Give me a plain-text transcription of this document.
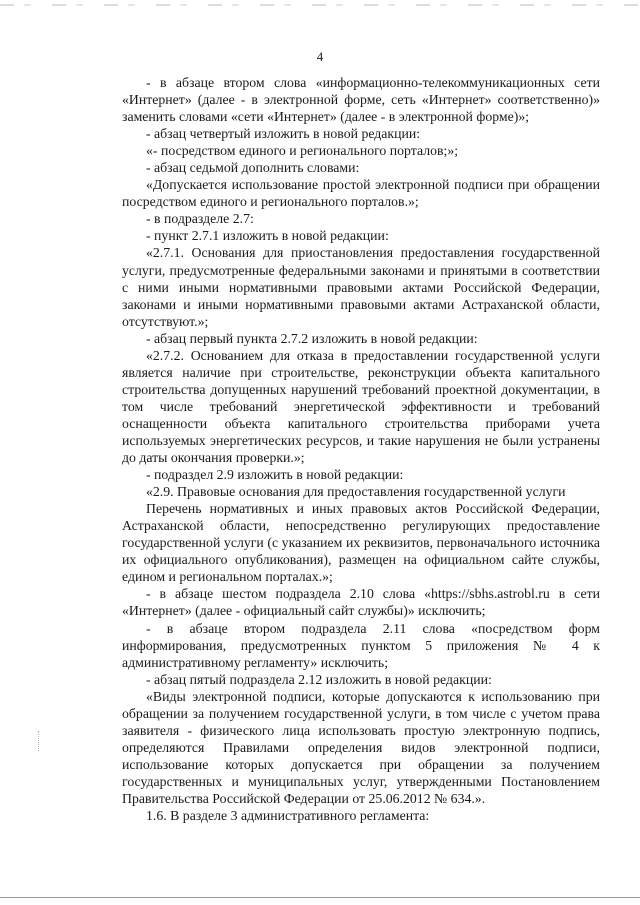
4

- в абзаце втором слова «информационно-телекоммуникационных сети «Интернет» (далее - в электронной форме, сеть «Интернет» соответственно)» заменить словами «сети «Интернет» (далее - в электронной форме)»;

- абзац четвертый изложить в новой редакции:

«- посредством единого и регионального порталов;»;

- абзац седьмой дополнить словами:

«Допускается использование простой электронной подписи при обращении посредством единого и регионального порталов.»;

- в подразделе 2.7:

- пункт 2.7.1 изложить в новой редакции:

«2.7.1. Основания для приостановления предоставления государственной услуги, предусмотренные федеральными законами и принятыми в соответствии с ними иными нормативными правовыми актами Российской Федерации, законами и иными нормативными правовыми актами Астраханской области, отсутствуют.»;

- абзац первый пункта 2.7.2 изложить в новой редакции:

«2.7.2. Основанием для отказа в предоставлении государственной услуги является наличие при строительстве, реконструкции объекта капитального строительства допущенных нарушений требований проектной документации, в том числе требований энергетической эффективности и требований оснащенности объекта капитального строительства приборами учета используемых энергетических ресурсов, и такие нарушения не были устранены до даты окончания проверки.»;

- подраздел 2.9 изложить в новой редакции:

«2.9. Правовые основания для предоставления государственной услуги

Перечень нормативных и иных правовых актов Российской Федерации, Астраханской области, непосредственно регулирующих предоставление государственной услуги (с указанием их реквизитов, первоначального источника их официального опубликования), размещен на официальном сайте службы, едином и региональном порталах.»;

- в абзаце шестом подраздела 2.10 слова «https://sbhs.astrobl.ru в сети «Интернет» (далее - официальный сайт службы)» исключить;

- в абзаце втором подраздела 2.11 слова «посредством форм информирования, предусмотренных пунктом 5 приложения № 4 к административному регламенту» исключить;

- абзац пятый подраздела 2.12 изложить в новой редакции:

«Виды электронной подписи, которые допускаются к использованию при обращении за получением государственной услуги, в том числе с учетом права заявителя - физического лица использовать простую электронную подпись, определяются Правилами определения видов электронной подписи, использование которых допускается при обращении за получением государственных и муниципальных услуг, утвержденными Постановлением Правительства Российской Федерации от 25.06.2012 № 634.».

1.6. В разделе 3 административного регламента:
